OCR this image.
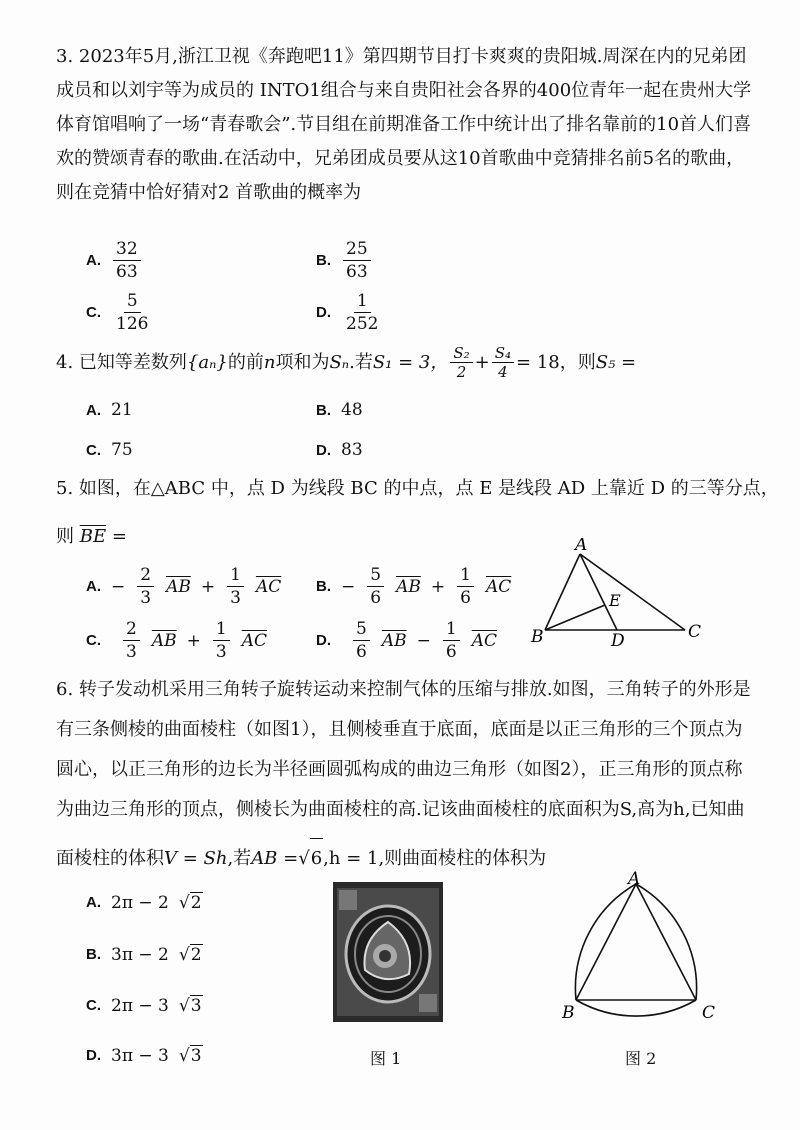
3. 2023年5月,浙江卫视《奔跑吧11》第四期节目打卡爽爽的贵阳城.周深在内的兄弟团
成员和以刘宇等为成员的 INTO1组合与来自贵阳社会各界的400位青年一起在贵州大学
体育馆唱响了一场“青春歌会”.节目组在前期准备工作中统计出了排名靠前的10首人们喜
欢的赞颂青春的歌曲.在活动中，兄弟团成员要从这10首歌曲中竞猜排名前5名的歌曲，
则在竞猜中恰好猜对2 首歌曲的概率为
A. $\frac{32}{63}$	B. $\frac{25}{63}$
C. $\frac{5}{126}$	D. $\frac{1}{252}$
4.
已知等差数列 {aₙ} 的前 n 项和为 Sₙ .若 S₁ = 3， $\frac{\text{S₂}}{2} + \frac{\text{S₄}}{4} = 18$ ，则 S₅ =
A. 21	B. 48
C. 75	D. 83
5. 如图，在△ABC 中，点 D 为线段 BC 的中点，点 E 是线段 AD 上靠近 D 的三等分点，
则 $\overline{BE}$ =
A. − $\frac{2}{3} \overline{AB} + \frac{1}{3} \overline{AC}$ B. − $\frac{5}{6} \overline{AB} + \frac{1}{6} \overline{AC}$
C. $\frac{2}{3} \overline{AB} + \frac{1}{3} \overline{AC}$	D. $\frac{5}{6} \overline{AB} - \frac{1}{6} \overline{AC}$
A
B	C
D
E
6. 转子发动机采用三角转子旋转运动来控制气体的压缩与排放.如图，三角转子的外形是
有三条侧棱的曲面棱柱（如图1），且侧棱垂直于底面，底面是以正三角形的三个顶点为
圆心，以正三角形的边长为半径画圆弧构成的曲边三角形（如图2），正三角形的顶点称
为曲边三角形的顶点，侧棱长为曲面棱柱的高.记该曲面棱柱的底面积为S,高为h,已知曲
面棱柱的体积 V = Sh ,若 AB = √ 6 ,h = 1,则曲面棱柱的体积为
A. 2π − 2 √ 2
B. 3π − 2 √ 2
C. 2π − 3 √ 3
D. 3π − 3 √ 3	图 1
A
B	C
图 2
